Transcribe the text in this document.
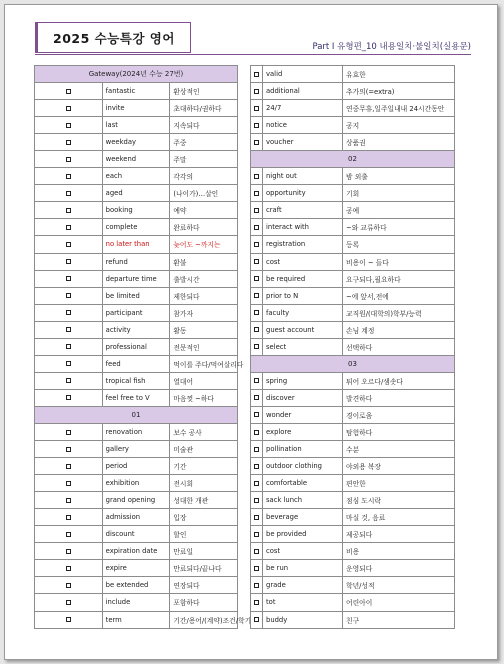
2025 수능특강 영어
Part Ⅰ 유형편_10 내용일치·불일치(실용문)
Gateway(2024년 수능 27번)		
	fantastic	환상적인
	invite	초대하다/권하다
	last	지속되다
	weekday	주중
	weekend	주말
	each	각각의
	aged	(나이가)…살인
	booking	예약
	complete	완료하다
	no later than	늦어도 ~까지는
	refund	환불
	departure time	출발시간
	be limited	제한되다
	participant	참가자
	activity	활동
	professional	전문적인
	feed	먹이를 주다/먹여살리다
	tropical fish	열대어
	feel free to V	마음껏 ~하다
01		
	renovation	보수 공사
	gallery	미술관
	period	기간
	exhibition	전시회
	grand opening	성대한 개관
	admission	입장
	discount	할인
	expiration date	만료일
	expire	만료되다/끝나다
	be extended	연장되다
	include	포함하다
	term	기간/용어/(계약)조건/학기
	valid	유효한
	additional	추가의(=extra)
	24/7	연중무휴,일주일내내 24시간동안
	notice	공지
	voucher	상품권
02		
	night out	밤 외출
	opportunity	기회
	craft	공예
	interact with	~와 교류하다
	registration	등록
	cost	비용이 ~ 들다
	be required	요구되다,필요하다
	prior to N	~에 앞서,전에
	faculty	교직원/(대학의)학부/능력
	guest account	손님 계정
	select	선택하다
03		
	spring	튀어 오르다/샘솟다
	discover	발견하다
	wonder	경이로움
	explore	탐험하다
	pollination	수분
	outdoor clothing	야외용 복장
	comfortable	편안한
	sack lunch	점심 도시락
	beverage	마실 것, 음료
	be provided	제공되다
	cost	비용
	be run	운영되다
	grade	학년/성적
	tot	어린아이
	buddy	친구
